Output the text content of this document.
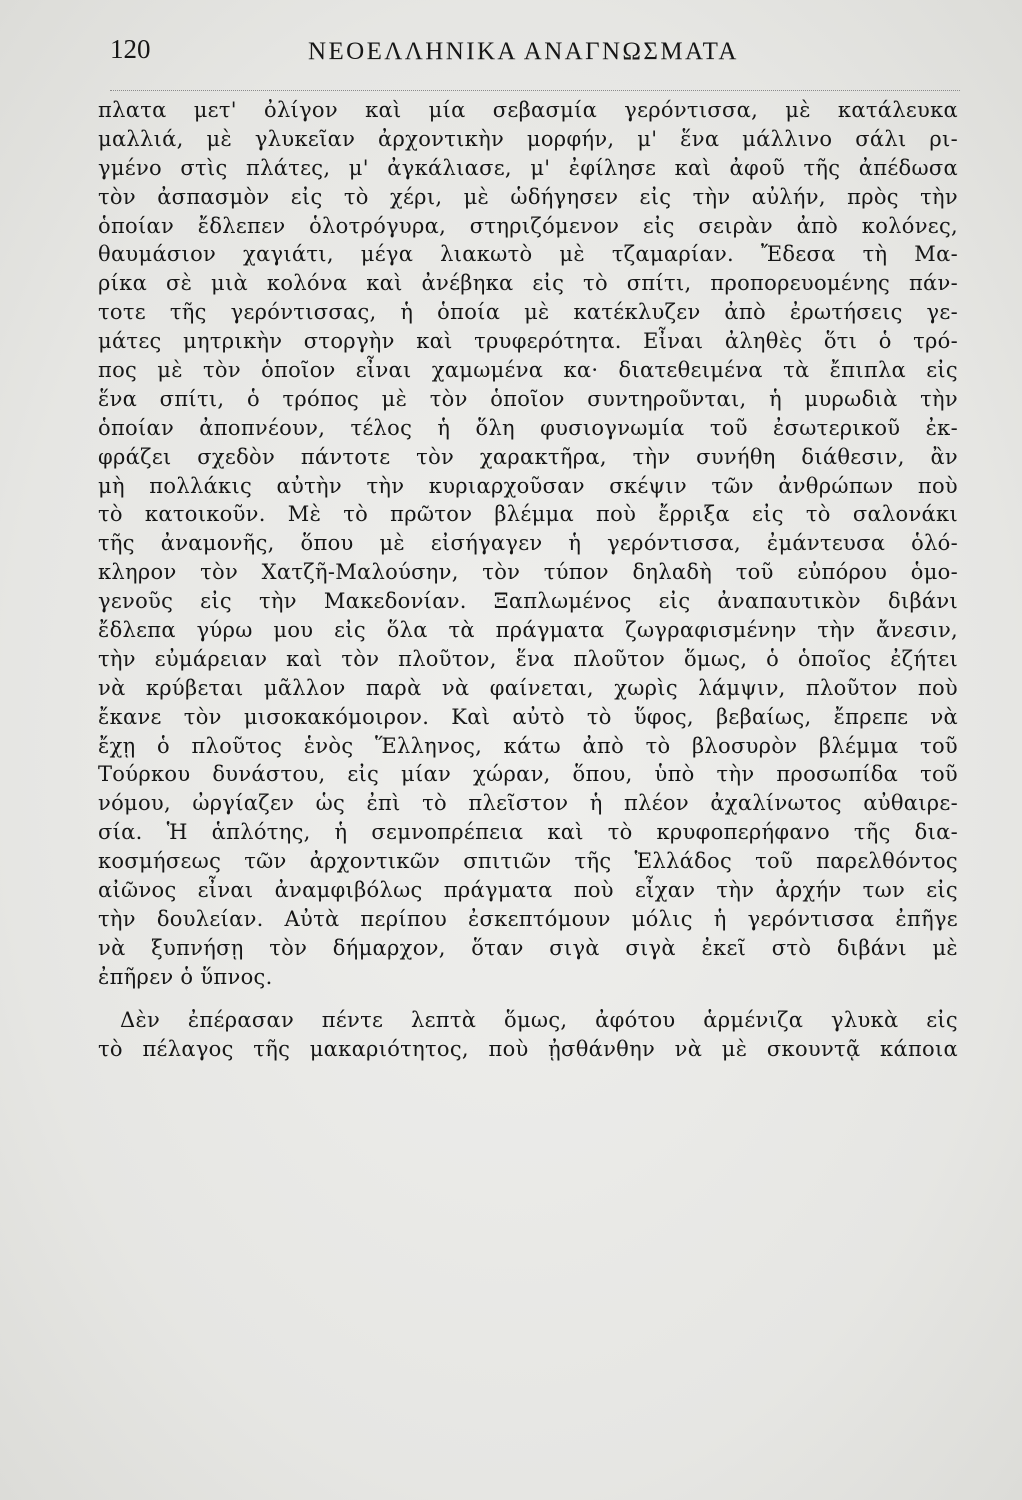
120	ΝΕΟΕΛΛΗΝΙΚΑ ΑΝΑΓΝΩΣΜΑΤΑ
πλατα μετ' ὀλίγον καὶ μία σεβασμία γερόντισσα, μὲ κατάλευκα
μαλλιά, μὲ γλυκεῖαν ἀρχοντικὴν μορφήν, μ' ἕνα μάλλινο σάλι ρι-
γμένο στὶς πλάτες, μ' ἀγκάλιασε, μ' ἐφίλησε καὶ ἀφοῦ τῆς ἀπέδωσα
τὸν ἀσπασμὸν εἰς τὸ χέρι, μὲ ὡδήγησεν εἰς τὴν αὐλήν, πρὸς τὴν
ὁποίαν ἔδλεπεν ὁλοτρόγυρα, στηριζόμενον εἰς σειρὰν ἀπὸ κολόνες,
θαυμάσιον χαγιάτι, μέγα λιακωτὸ μὲ τζαμαρίαν. Ἔδεσα τὴ Μα-
ρίκα σὲ μιὰ κολόνα καὶ ἀνέβηκα εἰς τὸ σπίτι, προπορευομένης πάν-
τοτε τῆς γερόντισσας, ἡ ὁποία μὲ κατέκλυζεν ἀπὸ ἐρωτήσεις γε-
μάτες μητρικὴν στοργὴν καὶ τρυφερότητα. Εἶναι ἀληθὲς ὅτι ὁ τρό-
πος μὲ τὸν ὁποῖον εἶναι χαμωμένα κα· διατεθειμένα τὰ ἔπιπλα εἰς
ἕνα σπίτι, ὁ τρόπος μὲ τὸν ὁποῖον συντηροῦνται, ἡ μυρωδιὰ τὴν
ὁποίαν ἀποπνέουν, τέλος ἡ ὅλη φυσιογνωμία τοῦ ἐσωτερικοῦ ἐκ-
φράζει σχεδὸν πάντοτε τὸν χαρακτῆρα, τὴν συνήθη διάθεσιν, ἂν
μὴ πολλάκις αὐτὴν τὴν κυριαρχοῦσαν σκέψιν τῶν ἀνθρώπων ποὺ
τὸ κατοικοῦν. Μὲ τὸ πρῶτον βλέμμα ποὺ ἔρριξα εἰς τὸ σαλονάκι
τῆς ἀναμονῆς, ὅπου μὲ εἰσήγαγεν ἡ γερόντισσα, ἐμάντευσα ὁλό-
κληρον τὸν Χατζῆ-Μαλούσην, τὸν τύπον δηλαδὴ τοῦ εὐπόρου ὁμο-
γενοῦς εἰς τὴν Μακεδονίαν. Ξαπλωμένος εἰς ἀναπαυτικὸν διβάνι
ἔδλεπα γύρω μου εἰς ὅλα τὰ πράγματα ζωγραφισμένην τὴν ἄνεσιν,
τὴν εὐμάρειαν καὶ τὸν πλοῦτον, ἕνα πλοῦτον ὅμως, ὁ ὁποῖος ἐζήτει
νὰ κρύβεται μᾶλλον παρὰ νὰ φαίνεται, χωρὶς λάμψιν, πλοῦτον ποὺ
ἔκανε τὸν μισοκακόμοιρον. Καὶ αὐτὸ τὸ ὕφος, βεβαίως, ἔπρεπε νὰ
ἔχῃ ὁ πλοῦτος ἑνὸς Ἕλληνος, κάτω ἀπὸ τὸ βλοσυρὸν βλέμμα τοῦ
Τούρκου δυνάστου, εἰς μίαν χώραν, ὅπου, ὑπὸ τὴν προσωπίδα τοῦ
νόμου, ὠργίαζεν ὡς ἐπὶ τὸ πλεῖστον ἡ πλέον ἀχαλίνωτος αὐθαιρε-
σία. Ἡ ἁπλότης, ἡ σεμνοπρέπεια καὶ τὸ κρυφοπερήφανο τῆς δια-
κοσμήσεως τῶν ἀρχοντικῶν σπιτιῶν τῆς Ἑλλάδος τοῦ παρελθόντος
αἰῶνος εἶναι ἀναμφιβόλως πράγματα ποὺ εἶχαν τὴν ἀρχήν των εἰς
τὴν δουλείαν. Αὐτὰ περίπου ἐσκεπτόμουν μόλις ἡ γερόντισσα ἐπῆγε
νὰ ξυπνήσῃ τὸν δήμαρχον, ὅταν σιγὰ σιγὰ ἐκεῖ στὸ διβάνι μὲ
ἐπῆρεν ὁ ὕπνος.
Δὲν ἐπέρασαν πέντε λεπτὰ ὅμως, ἀφότου ἁρμένιζα γλυκὰ εἰς
τὸ πέλαγος τῆς μακαριότητος, ποὺ ᾐσθάνθην νὰ μὲ σκουντᾷ κάποια
